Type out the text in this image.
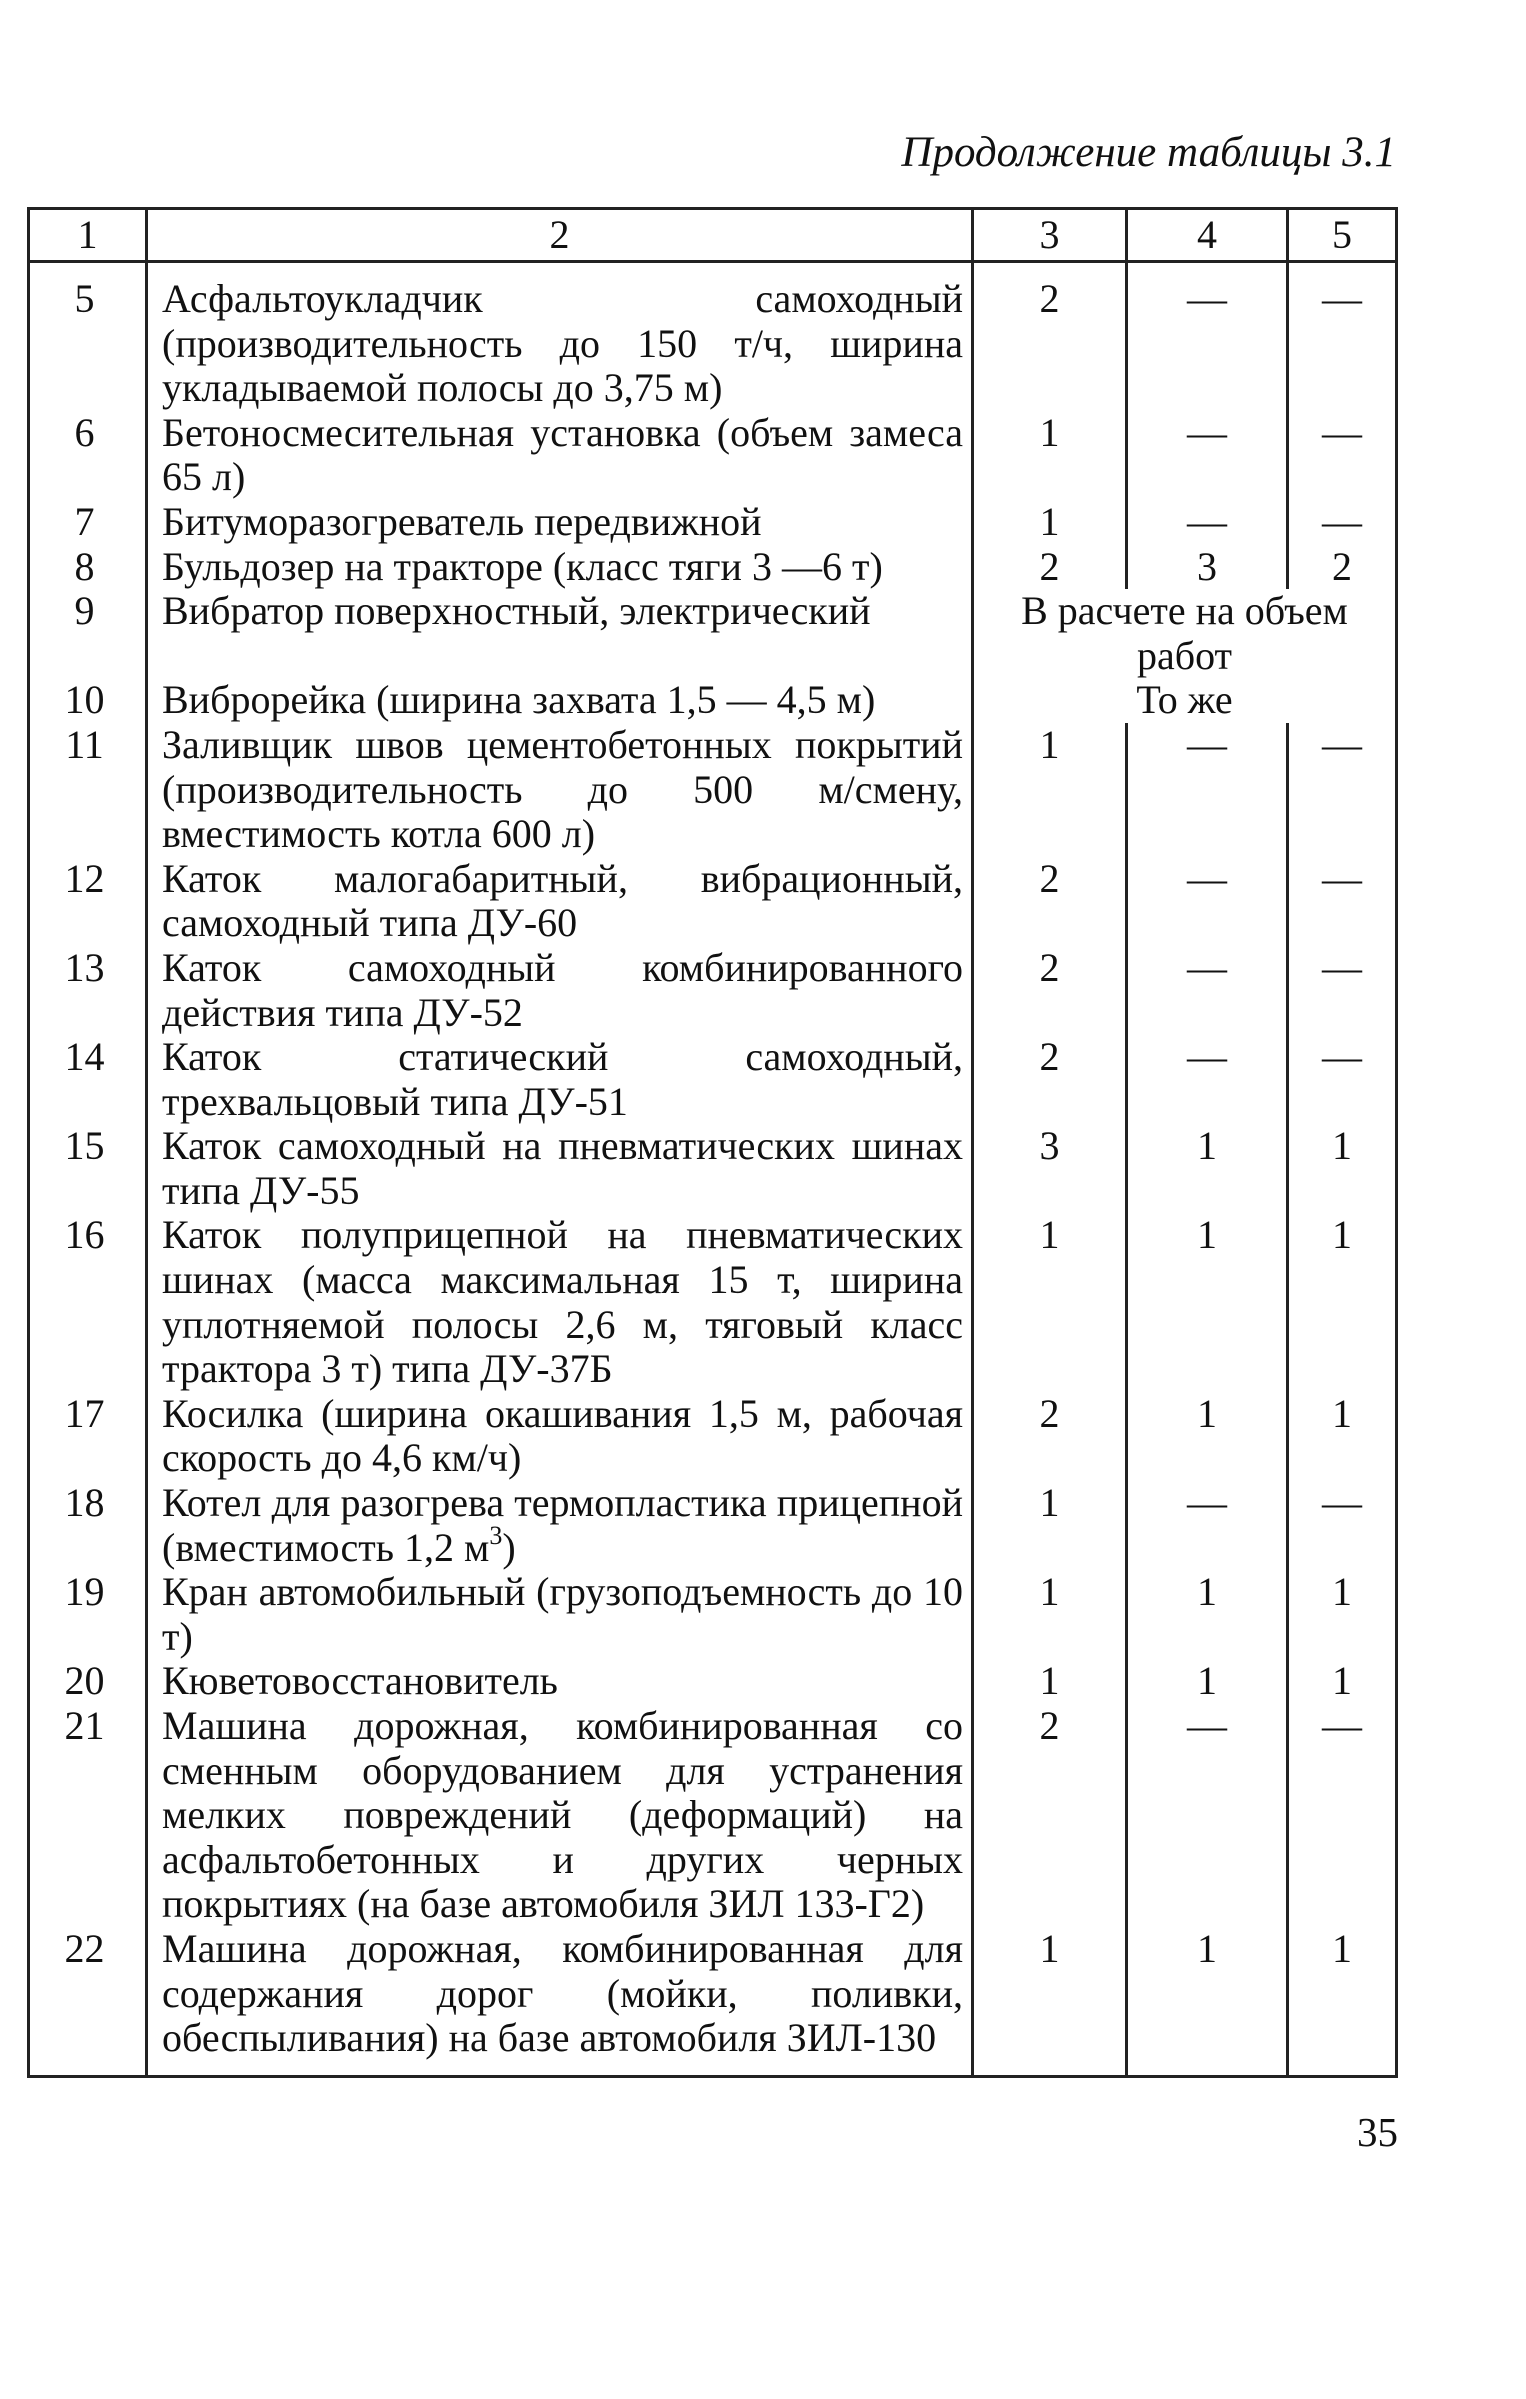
Продолжение таблицы 3.1
1	2	3	4	5
5	Асфальтоукладчик самоходный (производительность до 150 т/ч, ширина укладываемой полосы до 3,75 м)	2	—	—
6	Бетоносмесительная установка (объем замеса 65 л)	1	—	—
7	Битуморазогреватель передвижной	1	—	—
8	Бульдозер на тракторе (класс тяги 3 —6 т)	2	3	2
9	Вибратор поверхностный, электрический	В расчете на объем работ		
10	Виброрейка (ширина захвата 1,5 — 4,5 м)	То же		
11	Заливщик швов цементобетонных покрытий (производительность до 500 м/смену, вместимость котла 600 л)	1	—	—
12	Каток малогабаритный, вибрационный, самоходный типа ДУ-60	2	—	—
13	Каток самоходный комбинированного действия типа ДУ-52	2	—	—
14	Каток статический самоходный, трехвальцовый типа ДУ-51	2	—	—
15	Каток самоходный на пневматических шинах типа ДУ-55	3	1	1
16	Каток полуприцепной на пневматических шинах (масса максимальная 15 т, ширина уплотняемой полосы 2,6 м, тяговый класс трактора 3 т) типа ДУ-37Б	1	1	1
17	Косилка (ширина окашивания 1,5 м, рабочая скорость до 4,6 км/ч)	2	1	1
18	Котел для разогрева термопластика прицепной (вместимость 1,2 $м^3$)	1	—	—
19	Кран автомобильный (грузоподъемность до 10 т)	1	1	1
20	Кюветовосстановитель	1	1	1
21	Машина дорожная, комбинированная со сменным оборудованием для устранения мелких повреждений (деформаций) на асфальтобетонных и других черных покрытиях (на базе автомобиля ЗИЛ 133-Г2)	2	—	—
22	Машина дорожная, комбинированная для содержания дорог (мойки, поливки, обеспыливания) на базе автомобиля ЗИЛ-130	1	1	1
35
